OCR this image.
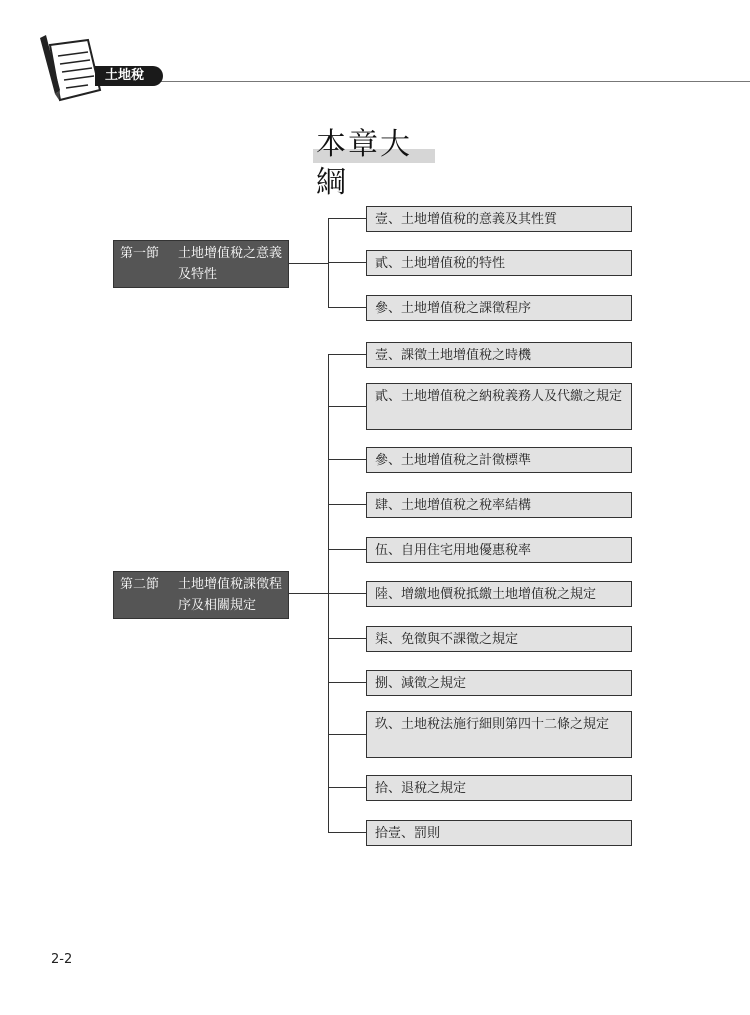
土地稅
本章大綱
第一節 土地增值稅之意義及特性
第二節 土地增值稅課徵程序及相關規定
壹、土地增值稅的意義及其性質
貳、土地增值稅的特性
參、土地增值稅之課徵程序
壹、課徵土地增值稅之時機
貳、土地增值稅之納稅義務人及代繳之規定
參、土地增值稅之計徵標準
肆、土地增值稅之稅率結構
伍、自用住宅用地優惠稅率
陸、增繳地價稅抵繳土地增值稅之規定
柒、免徵與不課徵之規定
捌、減徵之規定
玖、土地稅法施行細則第四十二條之規定
拾、退稅之規定
拾壹、罰則
2-2
